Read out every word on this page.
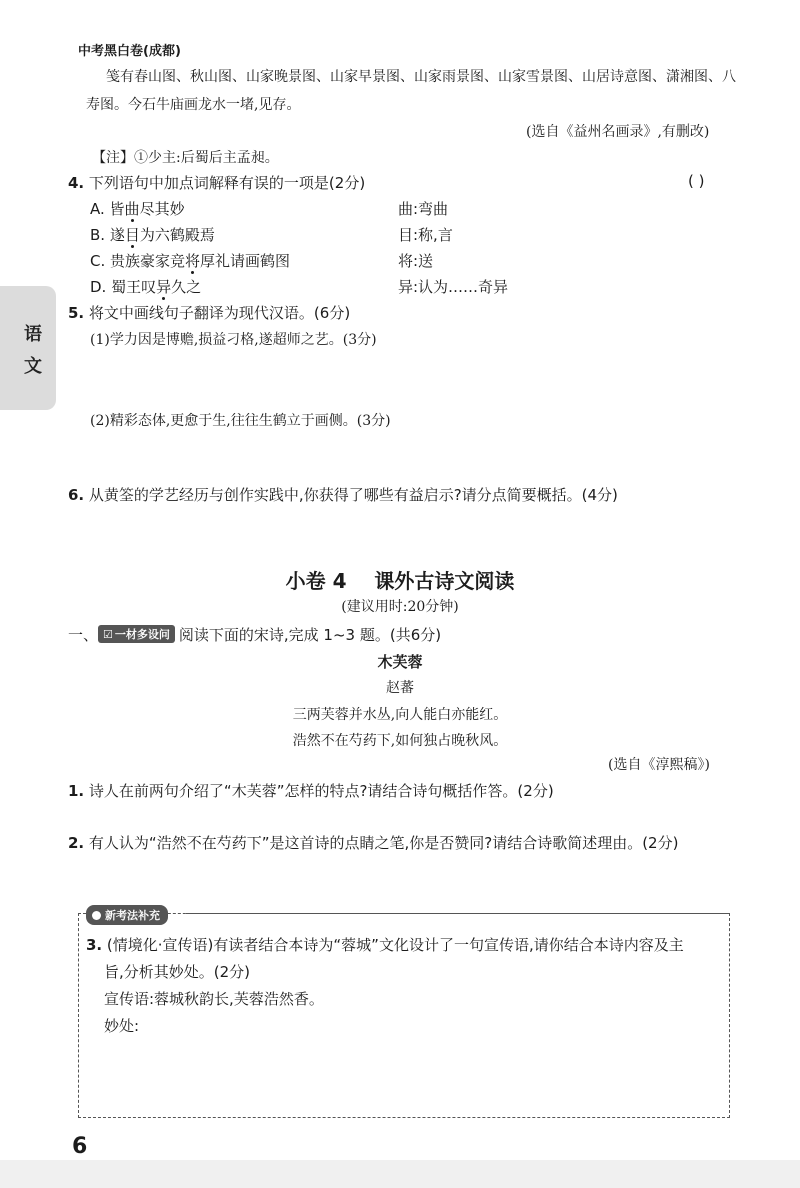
中考黑白卷(成都)
语
文
笺有春山图、秋山图、山家晚景图、山家早景图、山家雨景图、山家雪景图、山居诗意图、潇湘图、八
寿图。今石牛庙画龙水一堵,见存。
(选自《益州名画录》,有删改)
【注】①少主:后蜀后主孟昶。
4. 下列语句中加点词解释有误的一项是(2分)	( )
A. 皆曲尽其妙	曲:弯曲
B. 遂目为六鹤殿焉	目:称,言
C. 贵族豪家竞将厚礼请画鹤图	将:送
D. 蜀王叹异久之	异:认为……奇异
5. 将文中画线句子翻译为现代汉语。(6分)
(1)学力因是博赡,损益刁格,遂超师之艺。(3分)
(2)精彩态体,更愈于生,往往生鹤立于画侧。(3分)
6. 从黄筌的学艺经历与创作实践中,你获得了哪些有益启示?请分点简要概括。(4分)
小卷 4    课外古诗文阅读
(建议用时:20分钟)
一、 ☑ 一材多设问 阅读下面的宋诗,完成 1~3 题。(共6分)
木芙蓉
赵蕃
三两芙蓉并水丛,向人能白亦能红。
浩然不在芍药下,如何独占晚秋风。
(选自《淳熙稿》)
1. 诗人在前两句介绍了“木芙蓉”怎样的特点?请结合诗句概括作答。(2分)
2. 有人认为“浩然不在芍药下”是这首诗的点睛之笔,你是否赞同?请结合诗歌简述理由。(2分)
新考法补充
3. (情境化·宣传语)有读者结合本诗为“蓉城”文化设计了一句宣传语,请你结合本诗内容及主
旨,分析其妙处。(2分)
宣传语:蓉城秋韵长,芙蓉浩然香。
妙处:
6
